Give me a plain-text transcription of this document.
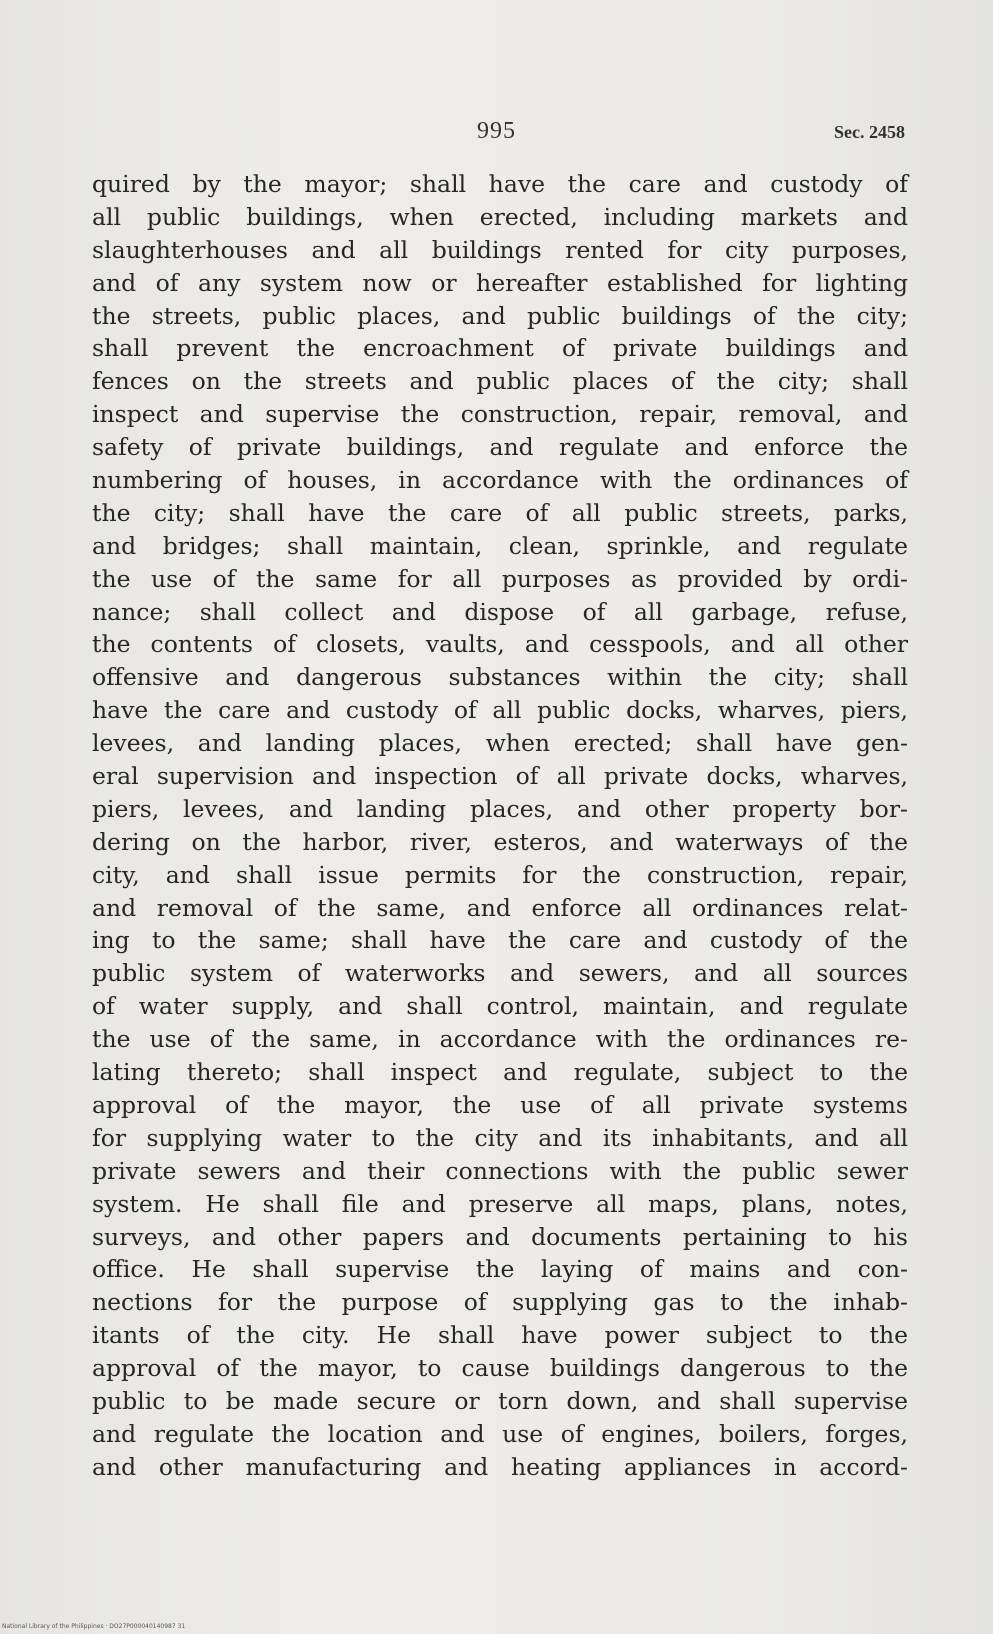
995	Sec. 2458
quired by the mayor; shall have the care and custody of
all public buildings, when erected, including markets and
slaughterhouses and all buildings rented for city purposes,
and of any system now or hereafter established for lighting
the streets, public places, and public buildings of the city;
shall prevent the encroachment of private buildings and
fences on the streets and public places of the city; shall
inspect and supervise the construction, repair, removal, and
safety of private buildings, and regulate and enforce the
numbering of houses, in accordance with the ordinances of
the city; shall have the care of all public streets, parks,
and bridges; shall maintain, clean, sprinkle, and regulate
the use of the same for all purposes as provided by ordi-
nance; shall collect and dispose of all garbage, refuse,
the contents of closets, vaults, and cesspools, and all other
offensive and dangerous substances within the city; shall
have the care and custody of all public docks, wharves, piers,
levees, and landing places, when erected; shall have gen-
eral supervision and inspection of all private docks, wharves,
piers, levees, and landing places, and other property bor-
dering on the harbor, river, esteros, and waterways of the
city, and shall issue permits for the construction, repair,
and removal of the same, and enforce all ordinances relat-
ing to the same; shall have the care and custody of the
public system of waterworks and sewers, and all sources
of water supply, and shall control, maintain, and regulate
the use of the same, in accordance with the ordinances re-
lating thereto; shall inspect and regulate, subject to the
approval of the mayor, the use of all private systems
for supplying water to the city and its inhabitants, and all
private sewers and their connections with the public sewer
system. He shall file and preserve all maps, plans, notes,
surveys, and other papers and documents pertaining to his
office. He shall supervise the laying of mains and con-
nections for the purpose of supplying gas to the inhab-
itants of the city. He shall have power subject to the
approval of the mayor, to cause buildings dangerous to the
public to be made secure or torn down, and shall supervise
and regulate the location and use of engines, boilers, forges,
and other manufacturing and heating appliances in accord-
National Library of the Philippines · DO27P000040140987 31
